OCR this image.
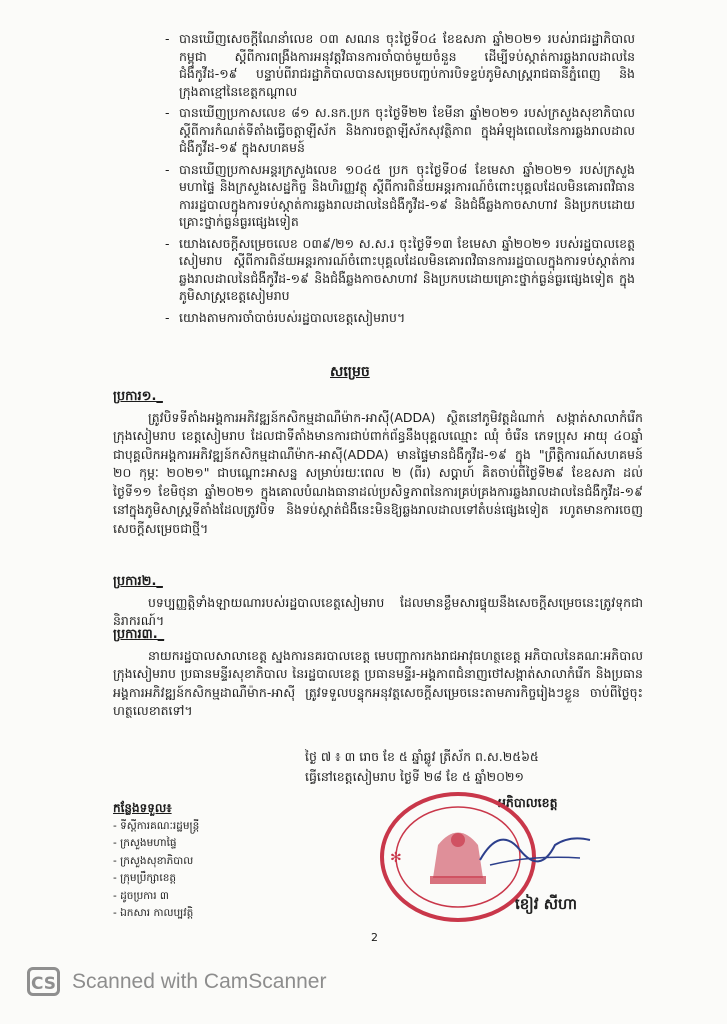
- បានឃើញសេចក្តីណែនាំលេខ ០៣ សណន ចុះថ្ងៃទី០៤ ខែឧសភា ឆ្នាំ២០២១ របស់រាជរដ្ឋាភិបាលកម្ពុជា ស្តីពីការពង្រឹងការអនុវត្តវិធានការចាំបាច់មួយចំនួន ដើម្បីទប់ស្កាត់ការឆ្លងរាលដាលនៃជំងឺកូវីដ-១៩ បន្ទាប់ពីរាជរដ្ឋាភិបាលបានសម្រេចបញ្ចប់ការបិទខ្ទប់ភូមិសាស្ត្ររាជធានីភ្នំពេញ និងក្រុងតាខ្មៅនៃខេត្តកណ្តាល
- បានឃើញប្រកាសលេខ ៨១ ស.នក.ប្រក ចុះថ្ងៃទី២២ ខែមីនា ឆ្នាំ២០២១ របស់ក្រសួងសុខាភិបាល ស្តីពីការកំណត់ទីតាំងធ្វើចត្តាឡីស័ក និងការចត្តាឡីស័កសុវត្ថិភាព ក្នុងអំឡុងពេលនៃការឆ្លងរាលដាលជំងឺកូវីដ-១៩ ក្នុងសហគមន៍
- បានឃើញប្រកាសអន្តរក្រសួងលេខ ១០៤៥ ប្រក ចុះថ្ងៃទី០៨ ខែមេសា ឆ្នាំ២០២១ របស់ក្រសួងមហាផ្ទៃ និងក្រសួងសេដ្ឋកិច្ច និងហិរញ្ញវត្ថុ ស្តីពីការពិន័យអន្តរការណ៍ចំពោះបុគ្គលដែលមិនគោរពវិធានការរដ្ឋបាលក្នុងការទប់ស្កាត់ការឆ្លងរាលដាលនៃជំងឺកូវីដ-១៩ និងជំងឺឆ្លងកាចសាហាវ និងប្រកបដោយគ្រោះថ្នាក់ធ្ងន់ធ្ងរផ្សេងទៀត
- យោងសេចក្តីសម្រេចលេខ ០៣៩/២១ ស.ស.រ ចុះថ្ងៃទី១៣ ខែមេសា ឆ្នាំ២០២១ របស់រដ្ឋបាលខេត្តសៀមរាប ស្តីពីការពិន័យអន្តរការណ៍ចំពោះបុគ្គលដែលមិនគោរពវិធានការរដ្ឋបាលក្នុងការទប់ស្កាត់ការឆ្លងរាលដាលនៃជំងឺកូវីដ-១៩ និងជំងឺឆ្លងកាចសាហាវ និងប្រកបដោយគ្រោះថ្នាក់ធ្ងន់ធ្ងរផ្សេងទៀត ក្នុងភូមិសាស្ត្រខេត្តសៀមរាប
- យោងតាមការចាំបាច់របស់រដ្ឋបាលខេត្តសៀមរាប។
សម្រេច
ប្រការ១._
ត្រូវបិទទីតាំងអង្គការអភិវឌ្ឍន៍កសិកម្មដាណឺម៉ាក-អាស៊ី(ADDA) ស្ថិតនៅភូមិវត្តដំណាក់ សង្កាត់សាលាកំរើក ក្រុងសៀមរាប ខេត្តសៀមរាប ដែលជាទីតាំងមានការជាប់ពាក់ព័ន្ធនឹងបុគ្គលឈ្មោះ ឈុំ ចំរើន ភេទប្រុស អាយុ ៤០ឆ្នាំ ជាបុគ្គលិកអង្គការអភិវឌ្ឍន៍កសិកម្មដាណឺម៉ាក-អាស៊ី(ADDA) មានផ្ទៃមានជំងឺកូវីដ-១៩ ក្នុង "ព្រឹត្តិការណ៍សហគមន៍ ២០ កុម្ភៈ ២០២១" ជាបណ្តោះអាសន្ន សម្រាប់រយៈពេល ២ (ពីរ) សប្តាហ៍ គិតចាប់ពីថ្ងៃទី២៩ ខែឧសភា ដល់ថ្ងៃទី១១ ខែមិថុនា ឆ្នាំ២០២១ ក្នុងគោលបំណងធានាដល់ប្រសិទ្ធភាពនៃការគ្រប់គ្រងការឆ្លងរាលដាលនៃជំងឺកូវីដ-១៩ នៅក្នុងភូមិសាស្ត្រទីតាំងដែលត្រូវបិទ និងទប់ស្កាត់ជំងឺនេះមិនឱ្យឆ្លងរាលដាលទៅតំបន់ផ្សេងទៀត រហូតមានការចេញសេចក្តីសម្រេចជាថ្មី។
ប្រការ២._
បទប្បញ្ញត្តិទាំងឡាយណារបស់រដ្ឋបាលខេត្តសៀមរាប ដែលមានខ្លឹមសារផ្ទុយនឹងសេចក្តីសម្រេចនេះត្រូវទុកជានិរាករណ៍។
ប្រការ៣._
នាយករដ្ឋបាលសាលាខេត្ត ស្នងការនគរបាលខេត្ត មេបញ្ជាការកងរាជអាវុធហត្ថខេត្ត អភិបាលនៃគណៈអភិបាលក្រុងសៀមរាប ប្រធានមន្ទីរសុខាភិបាល នៃរដ្ឋបាលខេត្ត ប្រធានមន្ទីរ-អង្គភាពជំនាញថៅសង្កាត់សាលាកំរើក និងប្រធានអង្គការអភិវឌ្ឍន៍កសិកម្មដាណឺម៉ាក-អាស៊ី ត្រូវទទួលបន្ទុកអនុវត្តសេចក្តីសម្រេចនេះតាមភារកិច្ចរៀងៗខ្លួន ចាប់ពីថ្ងៃចុះហត្ថលេខាតទៅ។
ថ្ងៃ ៧ ៖ ៣ រោច ខែ ៥ ឆ្នាំឆ្លូវ ត្រីស័ក ព.ស.២៥៦៥
ធ្វើនៅខេត្តសៀមរាប ថ្ងៃទី ២៨ ខែ ៥ ឆ្នាំ២០២១
អភិបាលខេត្ត
កន្លែងទទួល៖
- ទីស្តីការគណៈរដ្ឋមន្ត្រី
- ក្រសួងមហាផ្ទៃ
- ក្រសួងសុខាភិបាល
- ក្រុមប្រឹក្សាខេត្ត
- ដូចប្រការ ៣
- ឯកសារ កាលប្បវត្តិ
✻
ខៀវ សីហា
2
CS Scanned with CamScanner
